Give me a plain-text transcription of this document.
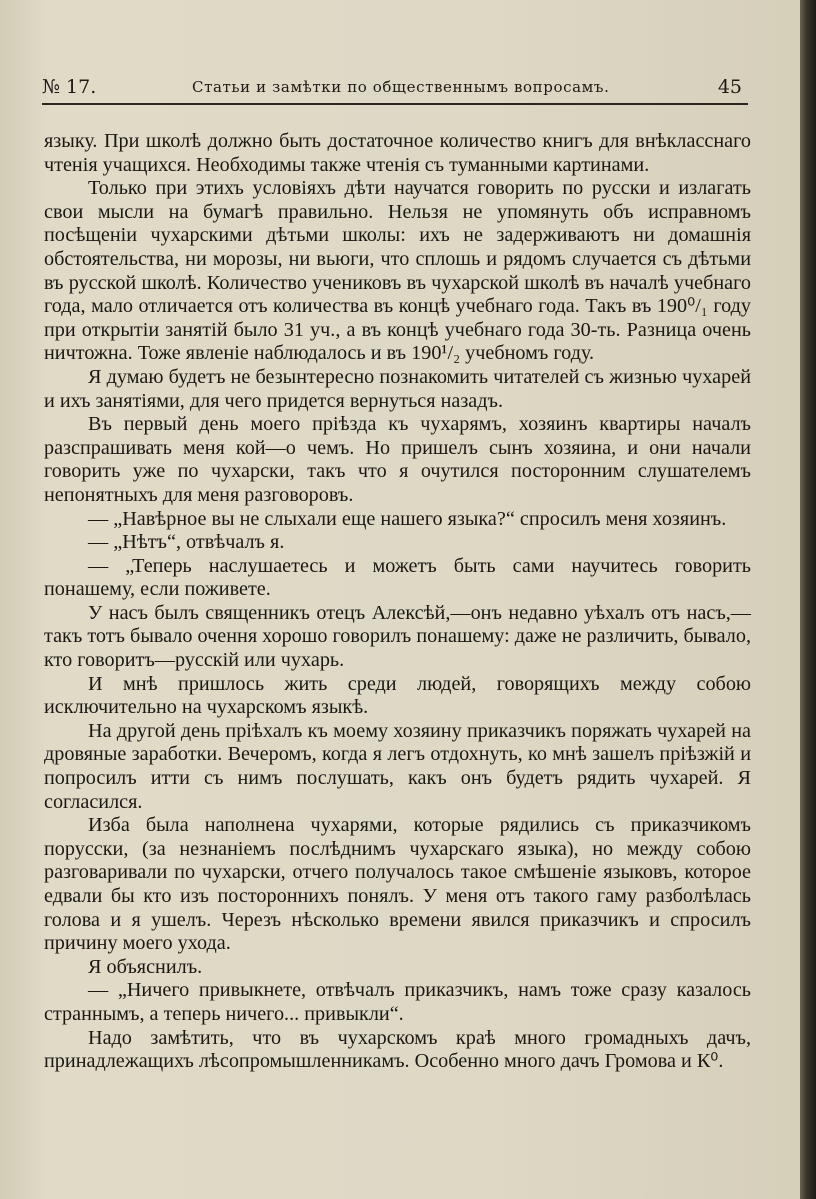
№ 17.	Статьи и замѣтки по общественнымъ вопросамъ.	45

языку. При школѣ должно быть достаточное количество книгъ для внѣкласснаго чтенія учащихся. Необходимы также чтенія съ туманными картинами.

Только при этихъ условіяхъ дѣти научатся говорить по русски и излагать свои мысли на бумагѣ правильно. Нельзя не упомянуть объ исправномъ посѣщеніи чухарскими дѣтьми школы: ихъ не задерживаютъ ни домашнія обстоятельства, ни морозы, ни вьюги, что сплошь и рядомъ случается съ дѣтьми въ русской школѣ. Количество учениковъ въ чухарской школѣ въ началѣ учебнаго года, мало отличается отъ количества въ концѣ учебнаго года. Такъ въ 190⁰/₁ году при открытіи занятій было 31 уч., а въ концѣ учебнаго года 30-ть. Разница очень ничтожна. Тоже явленіе наблюдалось и въ 190¹/₂ учебномъ году.

Я думаю будетъ не безынтересно познакомить читателей съ жизнью чухарей и ихъ занятіями, для чего придется вернуться назадъ.

Въ первый день моего пріѣзда къ чухарямъ, хозяинъ квартиры началъ разспрашивать меня кой—о чемъ. Но пришелъ сынъ хозяина, и они начали говорить уже по чухарски, такъ что я очутился посторонним слушателемъ непонятныхъ для меня разговоровъ.

— „Навѣрное вы не слыхали еще нашего языка?“ спросилъ меня хозяинъ.

— „Нѣтъ“, отвѣчалъ я.

— „Теперь наслушаетесь и можетъ быть сами научитесь говорить понашему, если поживете.

У насъ былъ священникъ отецъ Алексѣй,—онъ недавно уѣхалъ отъ насъ,—такъ тотъ бывало очення хорошо говорилъ понашему: даже не различить, бывало, кто говоритъ—русскій или чухарь.

И мнѣ пришлось жить среди людей, говорящихъ между собою исключительно на чухарскомъ языкѣ.

На другой день пріѣхалъ къ моему хозяину приказчикъ поряжать чухарей на дровяные заработки. Вечеромъ, когда я легъ отдохнуть, ко мнѣ зашелъ пріѣзжій и попросилъ итти съ нимъ послушать, какъ онъ будетъ рядить чухарей. Я согласился.

Изба была наполнена чухарями, которые рядились съ приказчикомъ порусски, (за незнаніемъ послѣднимъ чухарскаго языка), но между собою разговаривали по чухарски, отчего получалось такое смѣшеніе языковъ, которое едвали бы кто изъ постороннихъ понялъ. У меня отъ такого гаму разболѣлась голова и я ушелъ. Черезъ нѣсколько времени явился приказчикъ и спросилъ причину моего ухода.

Я объяснилъ.

— „Ничего привыкнете, отвѣчалъ приказчикъ, намъ тоже сразу казалось страннымъ, а теперь ничего... привыкли“.

Надо замѣтить, что въ чухарскомъ краѣ много громадныхъ дачъ, принадлежащихъ лѣсопромышленникамъ. Особенно много дачъ Громова и К⁰.
